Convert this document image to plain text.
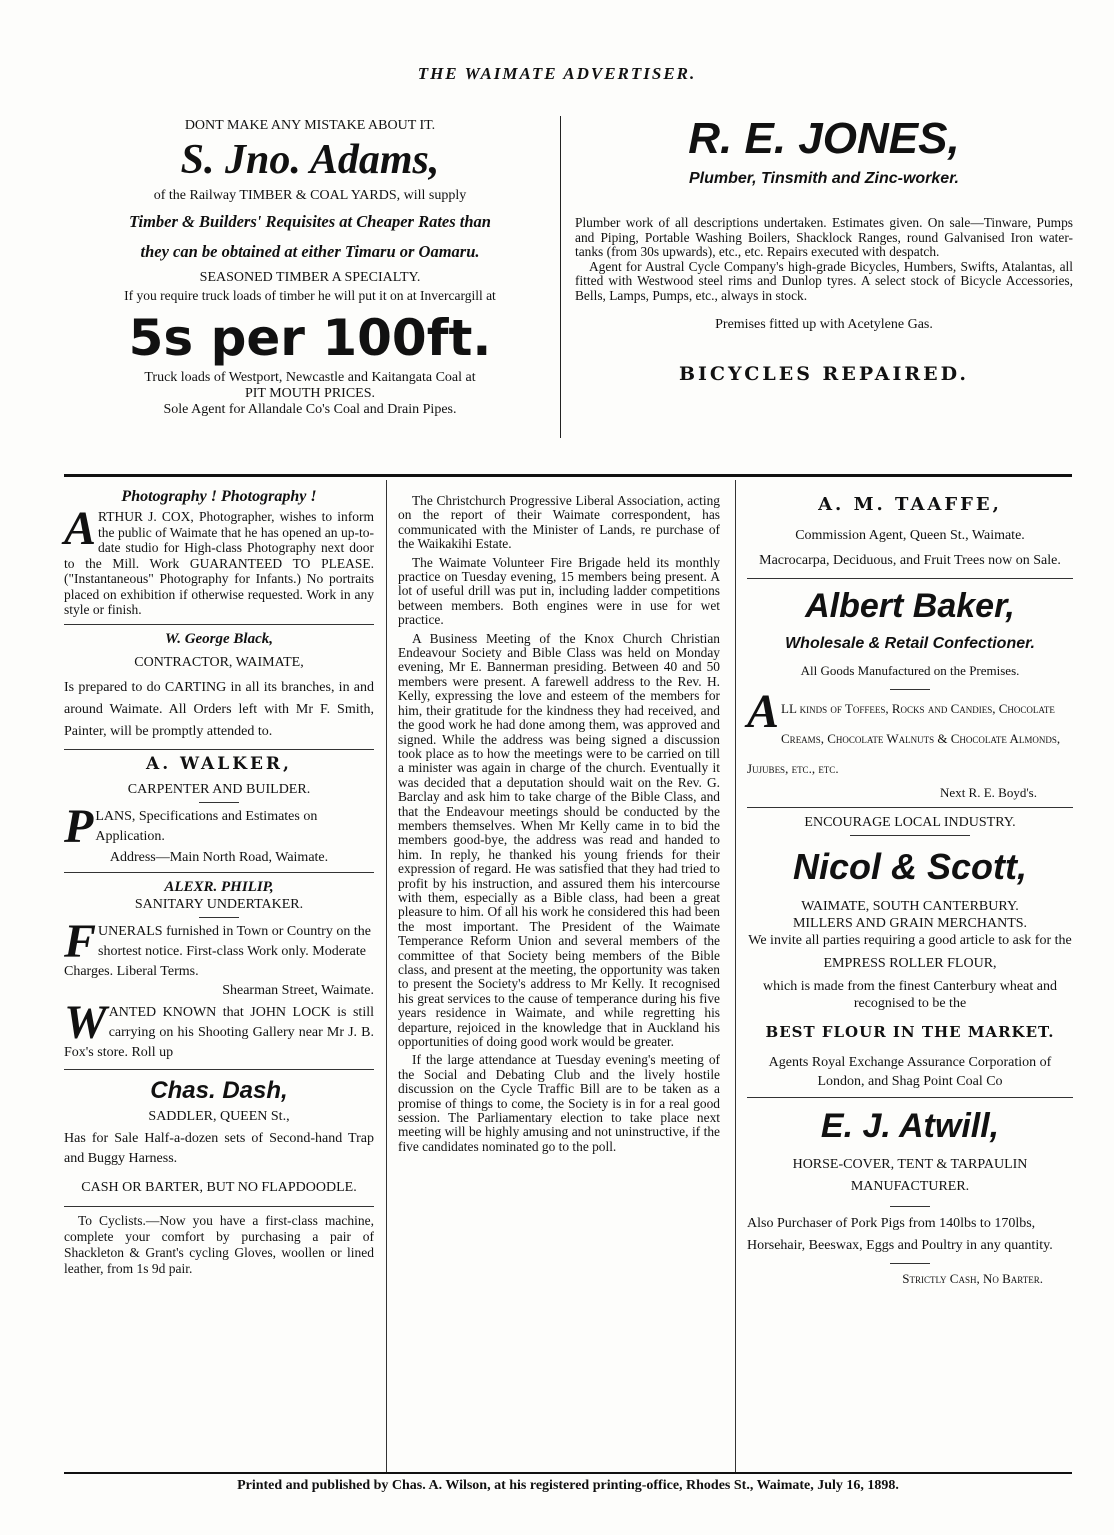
THE WAIMATE ADVERTISER.
DONT MAKE ANY MISTAKE ABOUT IT.
S. Jno. Adams,
of the Railway TIMBER & COAL YARDS, will supply
Timber & Builders' Requisites at Cheaper Rates than
they can be obtained at either Timaru or Oamaru.
SEASONED TIMBER A SPECIALTY.
If you require truck loads of timber he will put it on at Invercargill at
5s per 100ft.
Truck loads of Westport, Newcastle and Kaitangata Coal at
PIT MOUTH PRICES.
Sole Agent for Allandale Co's Coal and Drain Pipes.
R. E. JONES,
Plumber, Tinsmith and Zinc-worker.
Plumber work of all descriptions undertaken. Estimates given. On sale—Tinware, Pumps and Piping, Portable Washing Boilers, Shacklock Ranges, round Galvanised Iron water-tanks (from 30s upwards), etc., etc. Repairs executed with despatch.
Agent for Austral Cycle Company's high-grade Bicycles, Humbers, Swifts, Atalantas, all fitted with Westwood steel rims and Dunlop tyres. A select stock of Bicycle Accessories, Bells, Lamps, Pumps, etc., always in stock.
Premises fitted up with Acetylene Gas.
BICYCLES REPAIRED.
Photography ! Photography !
A RTHUR J. COX, Photographer, wishes to inform the public of Waimate that he has opened an up-to-date studio for High-class Photography next door to the Mill. Work GUARANTEED TO PLEASE. ("Instantaneous" Photography for Infants.) No portraits placed on exhibition if otherwise requested. Work in any style or finish.
W. George Black,
CONTRACTOR, WAIMATE,
Is prepared to do CARTING in all its branches, in and around Waimate. All Orders left with Mr F. Smith, Painter, will be promptly attended to.
A. WALKER,
CARPENTER AND BUILDER.
P LANS, Specifications and Estimates on Application.
Address—Main North Road, Waimate.
ALEXR. PHILIP,
SANITARY UNDERTAKER.
F UNERALS furnished in Town or Country on the shortest notice. First-class Work only. Moderate Charges. Liberal Terms.
Shearman Street, Waimate.
W ANTED KNOWN that JOHN LOCK is still carrying on his Shooting Gallery near Mr J. B. Fox's store. Roll up
Chas. Dash,
SADDLER, QUEEN St.,
Has for Sale Half-a-dozen sets of Second-hand Trap and Buggy Harness.
CASH OR BARTER, BUT NO FLAPDOODLE.
To Cyclists.—Now you have a first-class machine, complete your comfort by purchasing a pair of Shackleton & Grant's cycling Gloves, woollen or lined leather, from 1s 9d pair.

The Christchurch Progressive Liberal Association, acting on the report of their Waimate correspondent, has communicated with the Minister of Lands, re purchase of the Waikakihi Estate.

The Waimate Volunteer Fire Brigade held its monthly practice on Tuesday evening, 15 members being present. A lot of useful drill was put in, including ladder competitions between members. Both engines were in use for wet practice.

A Business Meeting of the Knox Church Christian Endeavour Society and Bible Class was held on Monday evening, Mr E. Bannerman presiding. Between 40 and 50 members were present. A farewell address to the Rev. H. Kelly, expressing the love and esteem of the members for him, their gratitude for the kindness they had received, and the good work he had done among them, was approved and signed. While the address was being signed a discussion took place as to how the meetings were to be carried on till a minister was again in charge of the church. Eventually it was decided that a deputation should wait on the Rev. G. Barclay and ask him to take charge of the Bible Class, and that the Endeavour meetings should be conducted by the members themselves. When Mr Kelly came in to bid the members good-bye, the address was read and handed to him. In reply, he thanked his young friends for their expression of regard. He was satisfied that they had tried to profit by his instruction, and assured them his intercourse with them, especially as a Bible class, had been a great pleasure to him. Of all his work he considered this had been the most important. The President of the Waimate Temperance Reform Union and several members of the committee of that Society being members of the Bible class, and present at the meeting, the opportunity was taken to present the Society's address to Mr Kelly. It recognised his great services to the cause of temperance during his five years residence in Waimate, and while regretting his departure, rejoiced in the knowledge that in Auckland his opportunities of doing good work would be greater.

If the large attendance at Tuesday evening's meeting of the Social and Debating Club and the lively hostile discussion on the Cycle Traffic Bill are to be taken as a promise of things to come, the Society is in for a real good session. The Parliamentary election to take place next meeting will be highly amusing and not uninstructive, if the five candidates nominated go to the poll.

A. M. TAAFFE,
Commission Agent, Queen St., Waimate.
Macrocarpa, Deciduous, and Fruit Trees now on Sale.
Albert Baker,
Wholesale & Retail Confectioner.
All Goods Manufactured on the Premises.
A LL kinds of Toffees, Rocks and Candies, Chocolate Creams, Chocolate Walnuts & Chocolate Almonds, Jujubes, etc., etc.
Next R. E. Boyd's.
ENCOURAGE LOCAL INDUSTRY.
Nicol & Scott,
WAIMATE, SOUTH CANTERBURY.
MILLERS AND GRAIN MERCHANTS.
We invite all parties requiring a good article to ask for the
EMPRESS ROLLER FLOUR,
which is made from the finest Canterbury wheat and recognised to be the
BEST FLOUR IN THE MARKET.
Agents Royal Exchange Assurance Corporation of London, and Shag Point Coal Co
E. J. Atwill,
HORSE-COVER, TENT & TARPAULIN MANUFACTURER.
Also Purchaser of Pork Pigs from 140lbs to 170lbs, Horsehair, Beeswax, Eggs and Poultry in any quantity.
Strictly Cash, No Barter.
Printed and published by Chas. A. Wilson, at his registered printing-office, Rhodes St., Waimate, July 16, 1898.
